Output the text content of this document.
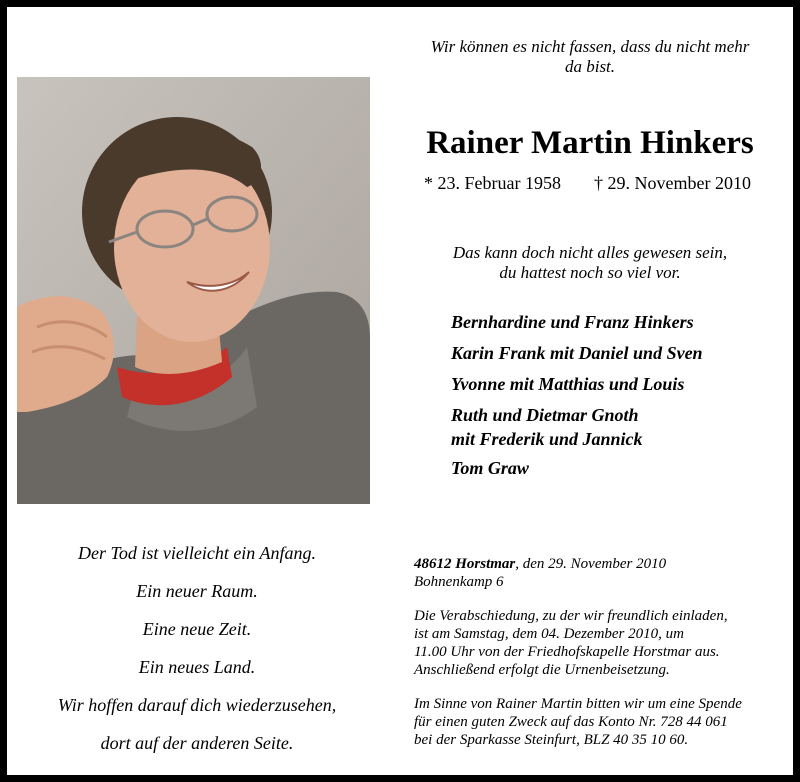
Wir können es nicht fassen, dass du nicht mehr
da bist.
Rainer Martin Hinkers
* 23. Februar 1958 † 29. November 2010
Das kann doch nicht alles gewesen sein,
du hattest noch so viel vor.
Bernhardine und Franz Hinkers
Karin Frank mit Daniel und Sven
Yvonne mit Matthias und Louis
Ruth und Dietmar Gnoth
mit Frederik und Jannick
Tom Graw
Der Tod ist vielleicht ein Anfang.
Ein neuer Raum.
Eine neue Zeit.
Ein neues Land.
Wir hoffen darauf dich wiederzusehen,
dort auf der anderen Seite.

48612 Horstmar, den 29. November 2010
Bohnenkamp 6

Die Verabschiedung, zu der wir freundlich einladen,
ist am Samstag, dem 04. Dezember 2010, um
11.00 Uhr von der Friedhofskapelle Horstmar aus.
Anschließend erfolgt die Urnenbeisetzung.

Im Sinne von Rainer Martin bitten wir um eine Spende
für einen guten Zweck auf das Konto Nr. 728 44 061
bei der Sparkasse Steinfurt, BLZ 40 35 10 60.
